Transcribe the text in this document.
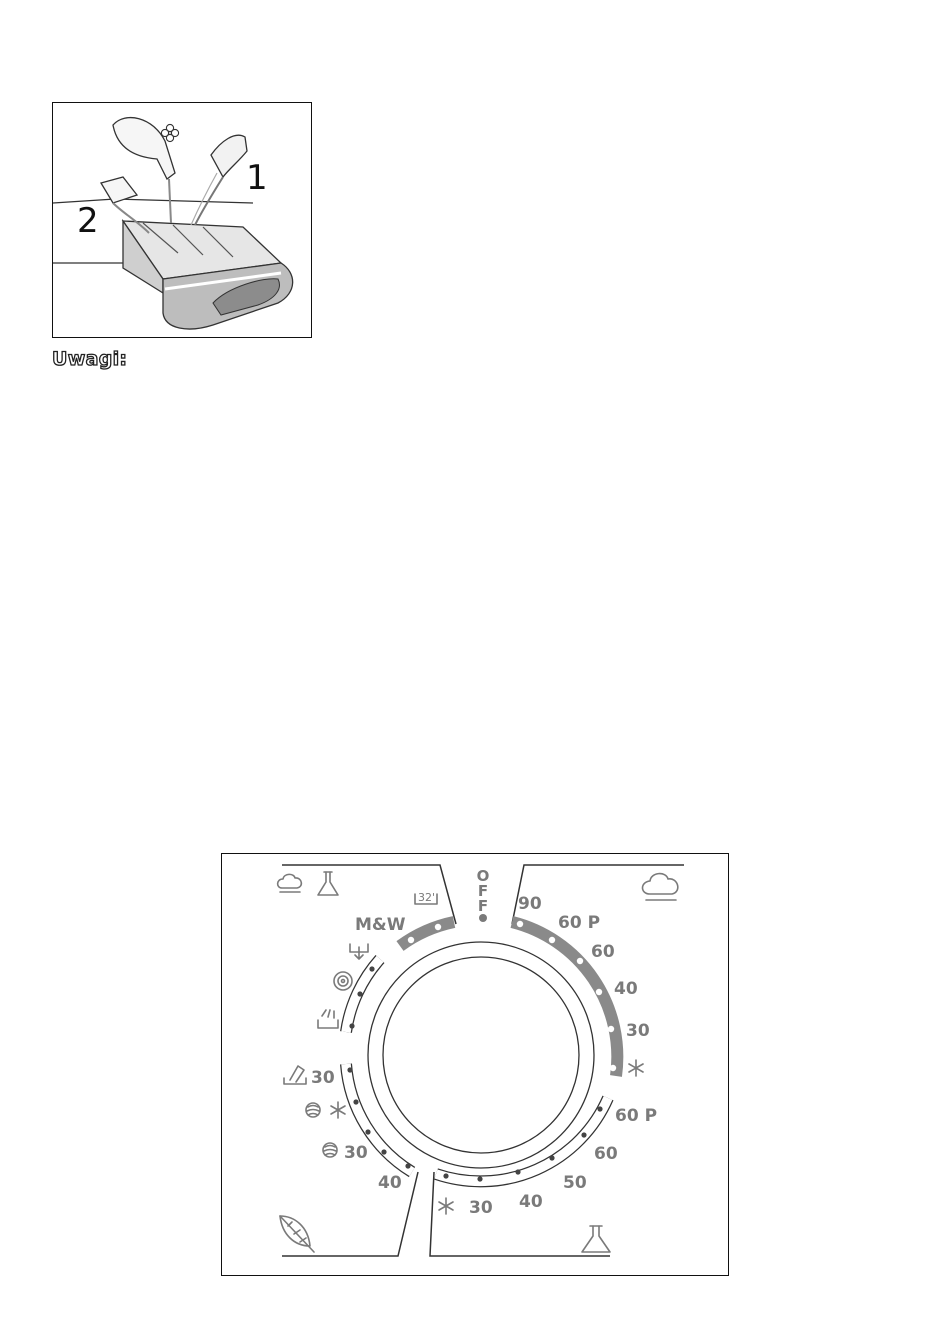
1
2
Uwagi:
O
F
F
32'
M&W
30
30
40
90
60 P
60
40
30
60 P
60
50
40
30
